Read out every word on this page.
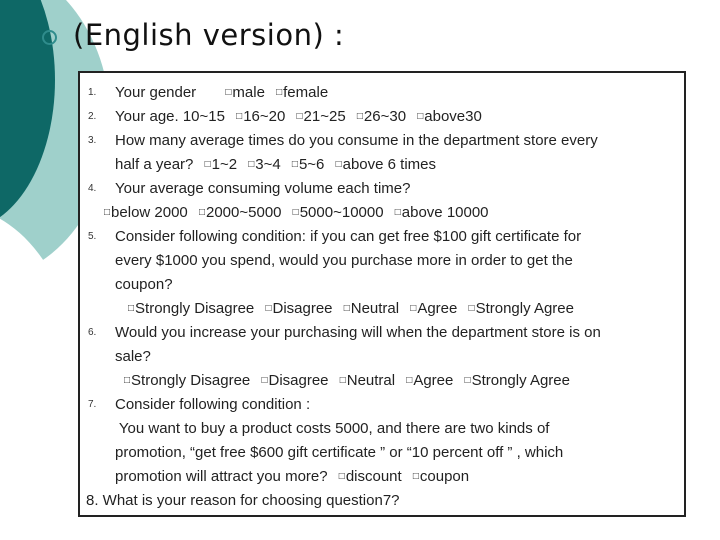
(English version) :
1. Your gender □ male □ female
2. Your age. 10~15 □ 16~20 □ 21~25 □ 26~30 □ above30
3. How many average times do you consume in the department store every
half a year? □ 1~2 □ 3~4 □ 5~6 □ above 6 times
4. Your average consuming volume each time?
□ below 2000 □ 2000~5000 □ 5000~10000 □ above 10000
5. Consider following condition: if you can get free $100 gift certificate for
every $1000 you spend, would you purchase more in order to get the
coupon?
□ Strongly Disagree □ Disagree □ Neutral □ Agree □ Strongly Agree
6. Would you increase your purchasing will when the department store is on
sale?
□ Strongly Disagree □ Disagree □ Neutral □ Agree □ Strongly Agree
7. Consider following condition :
You want to buy a product costs 5000, and there are two kinds of
promotion, “get free $600 gift certificate ” or “10 percent off ” , which
promotion will attract you more? □ discount □ coupon
8. What is your reason for choosing question7?
